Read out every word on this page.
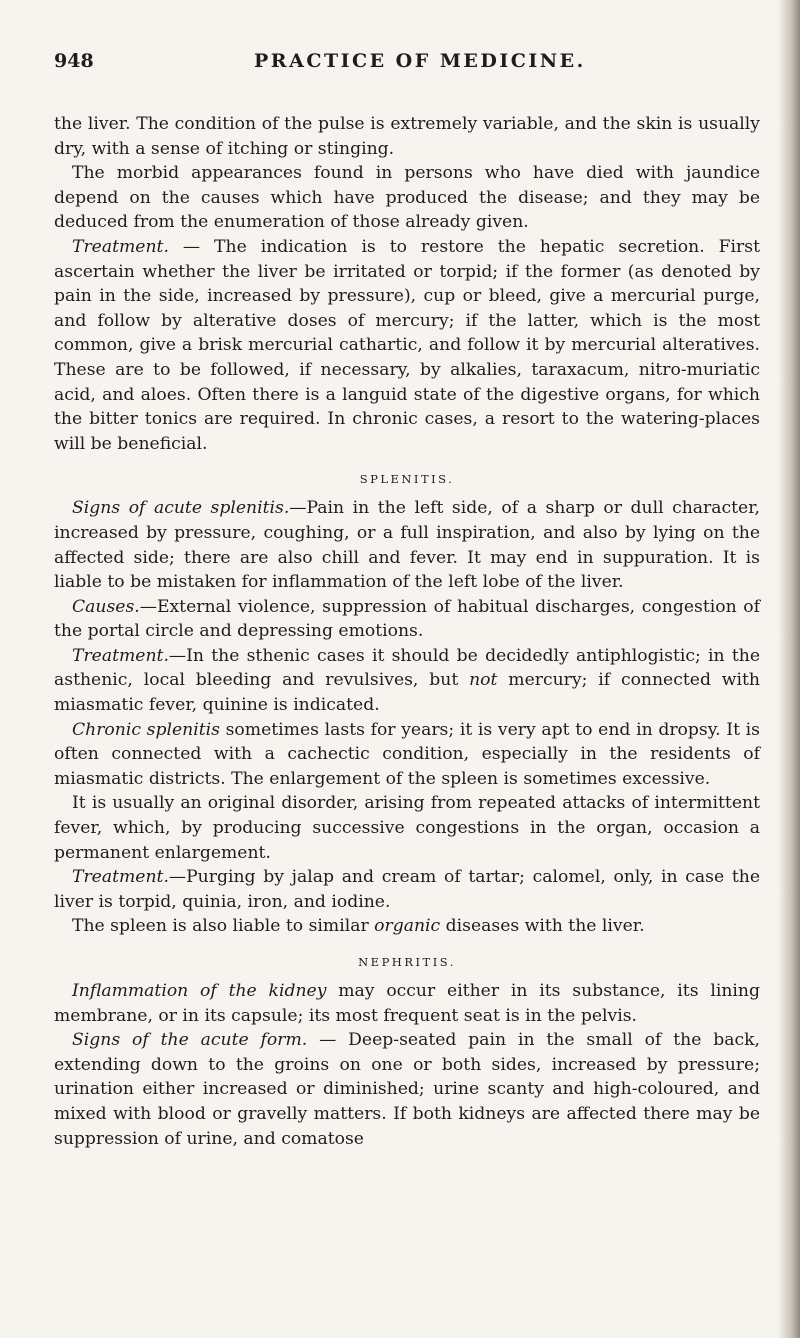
948	PRACTICE OF MEDICINE.

the liver. The condition of the pulse is extremely variable, and the skin is usually dry, with a sense of itching or stinging.

The morbid appearances found in persons who have died with jaundice depend on the causes which have produced the disease; and they may be deduced from the enumeration of those already given.

Treatment. — The indication is to restore the hepatic secretion. First ascertain whether the liver be irritated or torpid; if the former (as denoted by pain in the side, increased by pressure), cup or bleed, give a mercurial purge, and follow by alterative doses of mercury; if the latter, which is the most common, give a brisk mercurial cathartic, and follow it by mercurial alteratives. These are to be followed, if necessary, by alkalies, taraxacum, nitro-muriatic acid, and aloes. Often there is a languid state of the digestive organs, for which the bitter tonics are required. In chronic cases, a resort to the watering-places will be beneficial.

SPLENITIS.

Signs of acute splenitis.—Pain in the left side, of a sharp or dull character, increased by pressure, coughing, or a full inspiration, and also by lying on the affected side; there are also chill and fever. It may end in suppuration. It is liable to be mistaken for inflammation of the left lobe of the liver.

Causes.—External violence, suppression of habitual discharges, congestion of the portal circle and depressing emotions.

Treatment.—In the sthenic cases it should be decidedly antiphlogistic; in the asthenic, local bleeding and revulsives, but not mercury; if connected with miasmatic fever, quinine is indicated.

Chronic splenitis sometimes lasts for years; it is very apt to end in dropsy. It is often connected with a cachectic condition, especially in the residents of miasmatic districts. The enlargement of the spleen is sometimes excessive.

It is usually an original disorder, arising from repeated attacks of intermittent fever, which, by producing successive congestions in the organ, occasion a permanent enlargement.

Treatment.—Purging by jalap and cream of tartar; calomel, only, in case the liver is torpid, quinia, iron, and iodine.

The spleen is also liable to similar organic diseases with the liver.

NEPHRITIS.

Inflammation of the kidney may occur either in its substance, its lining membrane, or in its capsule; its most frequent seat is in the pelvis.

Signs of the acute form. — Deep-seated pain in the small of the back, extending down to the groins on one or both sides, increased by pressure; urination either increased or diminished; urine scanty and high-coloured, and mixed with blood or gravelly matters. If both kidneys are affected there may be suppression of urine, and comatose
